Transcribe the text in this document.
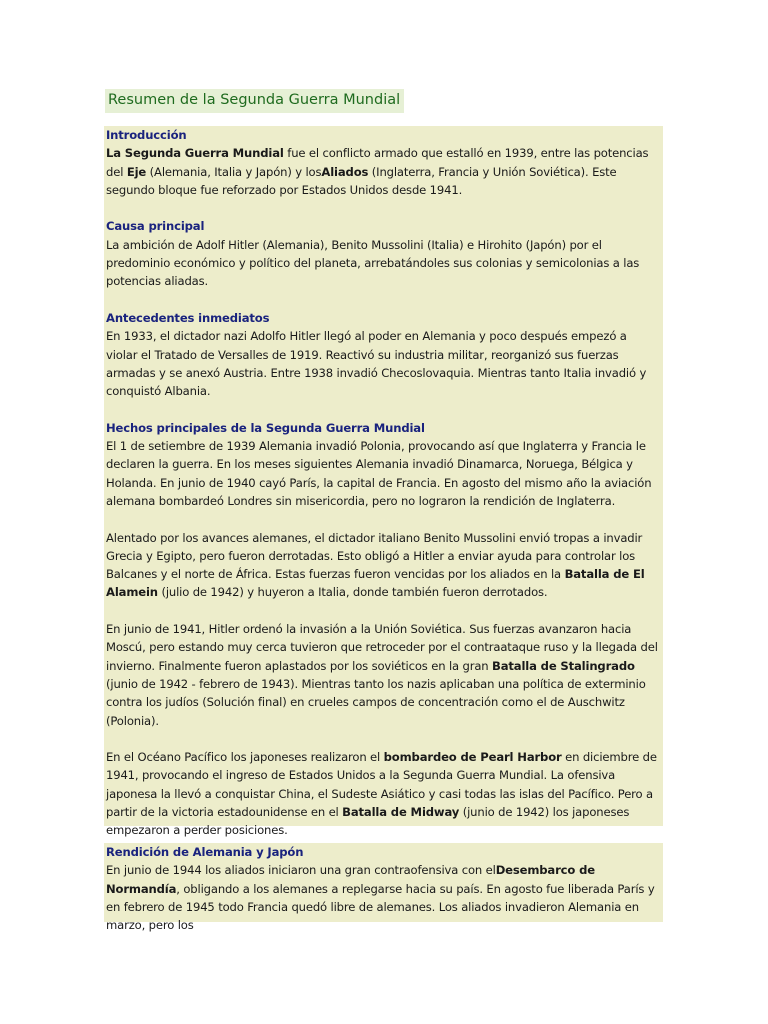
Resumen de la Segunda Guerra Mundial
Introducción
La Segunda Guerra Mundial fue el conflicto armado que estalló en 1939, entre las potencias del Eje (Alemania, Italia y Japón) y losAliados (Inglaterra, Francia y Unión Soviética). Este segundo bloque fue reforzado por Estados Unidos desde 1941.
Causa principal
La ambición de Adolf Hitler (Alemania), Benito Mussolini (Italia) e Hirohito (Japón) por el predominio económico y político del planeta, arrebatándoles sus colonias y semicolonias a las potencias aliadas.
Antecedentes inmediatos
En 1933, el dictador nazi Adolfo Hitler llegó al poder en Alemania y poco después empezó a violar el Tratado de Versalles de 1919. Reactivó su industria militar, reorganizó sus fuerzas armadas y se anexó Austria. Entre 1938 invadió Checoslovaquia. Mientras tanto Italia invadió y conquistó Albania.
Hechos principales de la Segunda Guerra Mundial
El 1 de setiembre de 1939 Alemania invadió Polonia, provocando así que Inglaterra y Francia le declaren la guerra. En los meses siguientes Alemania invadió Dinamarca, Noruega, Bélgica y Holanda. En junio de 1940 cayó París, la capital de Francia. En agosto del mismo año la aviación alemana bombardeó Londres sin misericordia, pero no lograron la rendición de Inglaterra.
Alentado por los avances alemanes, el dictador italiano Benito Mussolini envió tropas a invadir Grecia y Egipto, pero fueron derrotadas. Esto obligó a Hitler a enviar ayuda para controlar los Balcanes y el norte de África. Estas fuerzas fueron vencidas por los aliados en la Batalla de El Alamein (julio de 1942) y huyeron a Italia, donde también fueron derrotados.
En junio de 1941, Hitler ordenó la invasión a la Unión Soviética. Sus fuerzas avanzaron hacia Moscú, pero estando muy cerca tuvieron que retroceder por el contraataque ruso y la llegada del invierno. Finalmente fueron aplastados por los soviéticos en la gran Batalla de Stalingrado (junio de 1942 - febrero de 1943). Mientras tanto los nazis aplicaban una política de exterminio contra los judíos (Solución final) en crueles campos de concentración como el de Auschwitz (Polonia).
En el Océano Pacífico los japoneses realizaron el bombardeo de Pearl Harbor en diciembre de 1941, provocando el ingreso de Estados Unidos a la Segunda Guerra Mundial. La ofensiva japonesa la llevó a conquistar China, el Sudeste Asiático y casi todas las islas del Pacífico. Pero a partir de la victoria estadounidense en el Batalla de Midway (junio de 1942) los japoneses empezaron a perder posiciones.
Rendición de Alemania y Japón
En junio de 1944 los aliados iniciaron una gran contraofensiva con elDesembarco de Normandía, obligando a los alemanes a replegarse hacia su país. En agosto fue liberada París y en febrero de 1945 todo Francia quedó libre de alemanes. Los aliados invadieron Alemania en marzo, pero los
